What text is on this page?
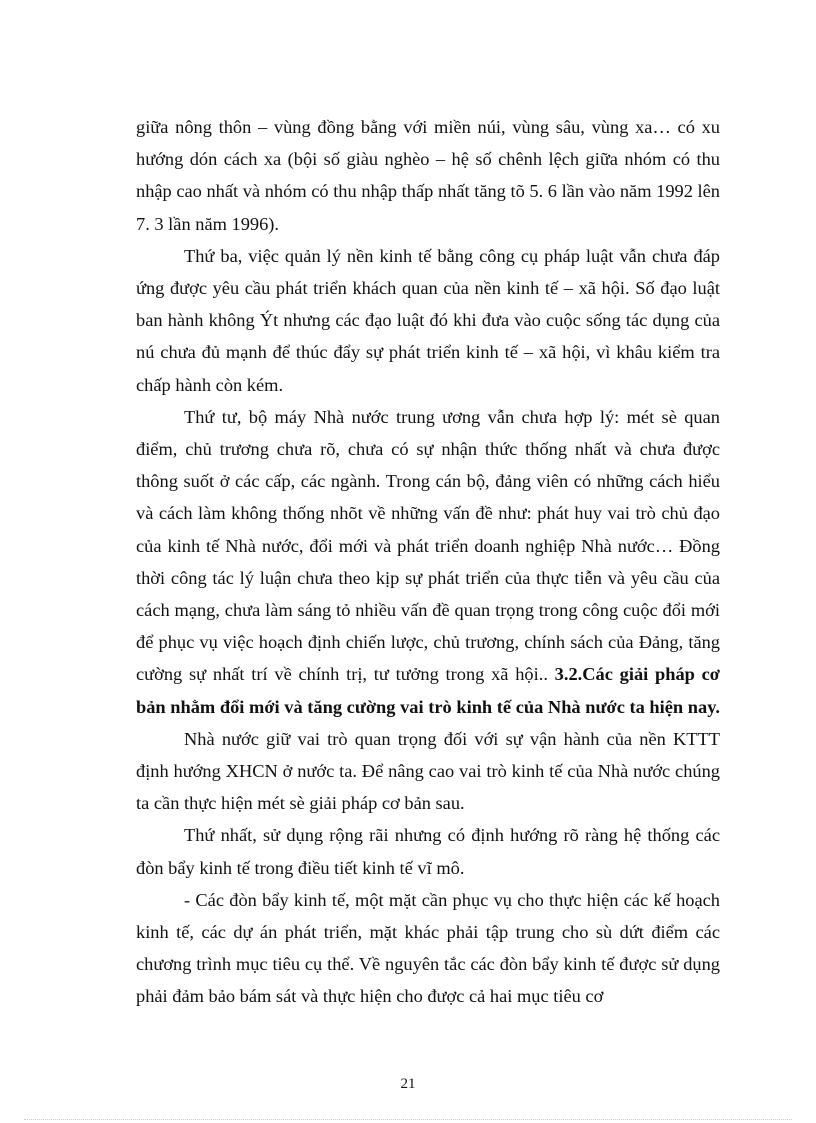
giữa nông thôn – vùng đồng bằng với miền núi, vùng sâu, vùng xa… có xu hướng dón cách xa (bội số giàu nghèo – hệ số chênh lệch giữa nhóm có thu nhập cao nhất và nhóm có thu nhập thấp nhất tăng tõ 5. 6 lần vào năm 1992 lên 7. 3 lần năm 1996).

Thứ ba, việc quản lý nền kinh tế bằng công cụ pháp luật vẫn chưa đáp ứng được yêu cầu phát triển khách quan của nền kinh tế – xã hội. Số đạo luật ban hành không Ýt nhưng các đạo luật đó khi đưa vào cuộc sống tác dụng của nú chưa đủ mạnh để thúc đẩy sự phát triển kinh tế – xã hội, vì khâu kiểm tra chấp hành còn kém.

Thứ tư, bộ máy Nhà nước trung ương vẫn chưa hợp lý: mét sè quan điểm, chủ trương chưa rõ, chưa có sự nhận thức thống nhất và chưa được thông suốt ở các cấp, các ngành. Trong cán bộ, đảng viên có những cách hiểu và cách làm không thống nhõt về những vấn đề như: phát huy vai trò chủ đạo của kinh tế Nhà nước, đổi mới và phát triển doanh nghiệp Nhà nước… Đồng thời công tác lý luận chưa theo kịp sự phát triển của thực tiễn và yêu cầu của cách mạng, chưa làm sáng tỏ nhiều vấn đề quan trọng trong công cuộc đổi mới để phục vụ việc hoạch định chiến lược, chủ trương, chính sách của Đảng, tăng cường sự nhất trí về chính trị, tư tưởng trong xã hội.. 3.2.Các giải pháp cơ bản nhằm đổi mới và tăng cường vai trò kinh tế của Nhà nước ta hiện nay.

Nhà nước giữ vai trò quan trọng đối với sự vận hành của nền KTTT định hướng XHCN ở nước ta. Để nâng cao vai trò kinh tế của Nhà nước chúng ta cần thực hiện mét sè giải pháp cơ bản sau.

Thứ nhất, sử dụng rộng rãi nhưng có định hướng rõ ràng hệ thống các đòn bẩy kinh tế trong điều tiết kinh tế vĩ mô.

- Các đòn bẩy kinh tế, một mặt cần phục vụ cho thực hiện các kế hoạch kinh tế, các dự án phát triển, mặt khác phải tập trung cho sù dứt điểm các chương trình mục tiêu cụ thể. Về nguyên tắc các đòn bẩy kinh tế được sử dụng phải đảm bảo bám sát và thực hiện cho được cả hai mục tiêu cơ

21
